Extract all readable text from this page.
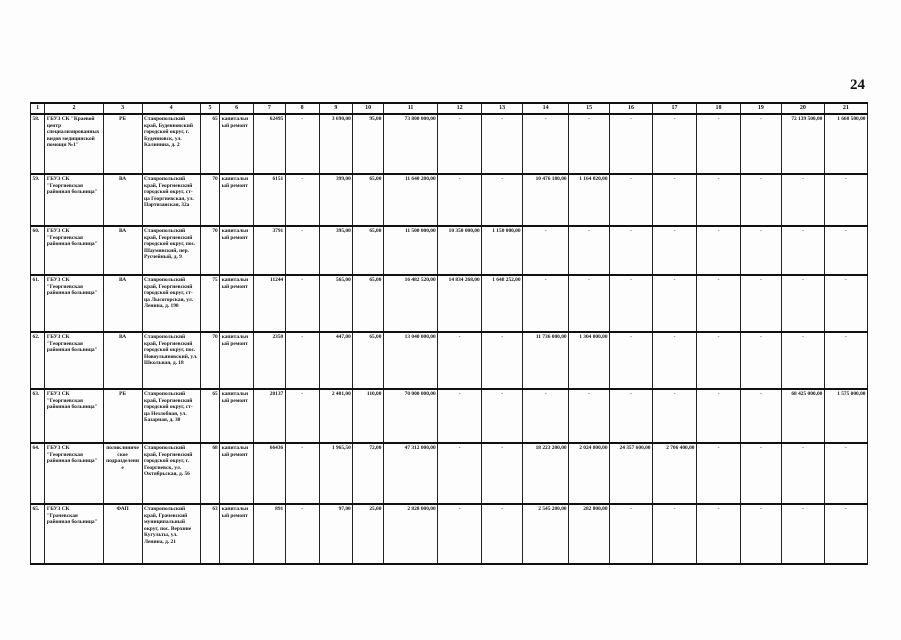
24
1	2	3	4	5	6	7	8	9	10	11	12	13	14	15	16	17	18	19	20	21
58.	ГБУЗ СК "Краевой центр специализированных видов медицинской помощи №1"	РБ	Ставропольский край, Буденновский городской округ, г. Буденновск, ул. Калинина, д. 2	65	капитальный ремонт	62495	-	3 690,00	95,00	73 800 000,00	-	-	-	-	-	-	-	-	72 139 500,00	1 660 500,00
59.	ГБУЗ СК "Георгиевская районная больница"	ВА	Ставропольский край, Георгиевский городской округ, ст-ца Георгиевская, ул. Партизанская, 32а	70	капитальный ремонт	6151	-	399,00	65,00	11 640 200,00	-	-	10 476 180,00	1 164 020,00	-	-	-	-	-	-
60.	ГБУЗ СК "Георгиевская районная больница"	ВА	Ставропольский край, Георгиевский городской округ, пос. Шаумянский, пер. Русчейный, д. 9	70	капитальный ремонт	3791	-	395,00	65,00	11 500 000,00	10 350 000,00	1 150 000,00	-	-	-	-	-	-	-	-
61.	ГБУЗ СК "Георгиевская районная больница"	ВА	Ставропольский край, Георгиевский городской округ, ст-ца Лысогорская, ул. Ленина, д. 190	75	капитальный ремонт	11244	-	565,00	65,00	16 482 520,00	14 834 268,00	1 648 252,00	-	-	-	-	-	-	-	-
62.	ГБУЗ СК "Георгиевская районная больница"	ВА	Ставропольский край, Георгиевский городской округ, пос. Новоульяновский, ул. Школьная, д. 18	70	капитальный ремонт	2350	-	447,00	65,00	13 040 000,00	-	-	11 736 000,00	1 304 000,00	-	-	-	-	-	-
63.	ГБУЗ СК "Георгиевская районная больница"	РБ	Ставропольский край, Георгиевский городской округ, ст-ца Незлобная, ул. Базарная, д. 30	65	капитальный ремонт	20137	-	2 401,00	110,00	70 000 000,00	-	-	-	-	-	-	-	-	68 425 000,00	1 575 000,00
64.	ГБУЗ СК "Георгиевская районная больница"	поликлиническое подразделение	Ставропольский край, Георгиевский городской округ, г. Георгиевск, ул. Октябрьская, д. 56	68	капитальный ремонт	66436	-	1 965,50	72,00	47 312 000,00	-	-	18 223 200,00	2 024 800,00	24 357 600,00	2 706 400,00	-	-	-	-
65.	ГБУЗ СК "Грачевская районная больница"	ФАП	Ставропольский край, Грачевский муниципальный округ, пос. Верхние Кугульты, ул. Ленина, д. 21	63	капитальный ремонт	891	-	97,00	25,00	2 828 000,00	-	-	2 545 200,00	282 800,00	-	-	-	-	-	-
